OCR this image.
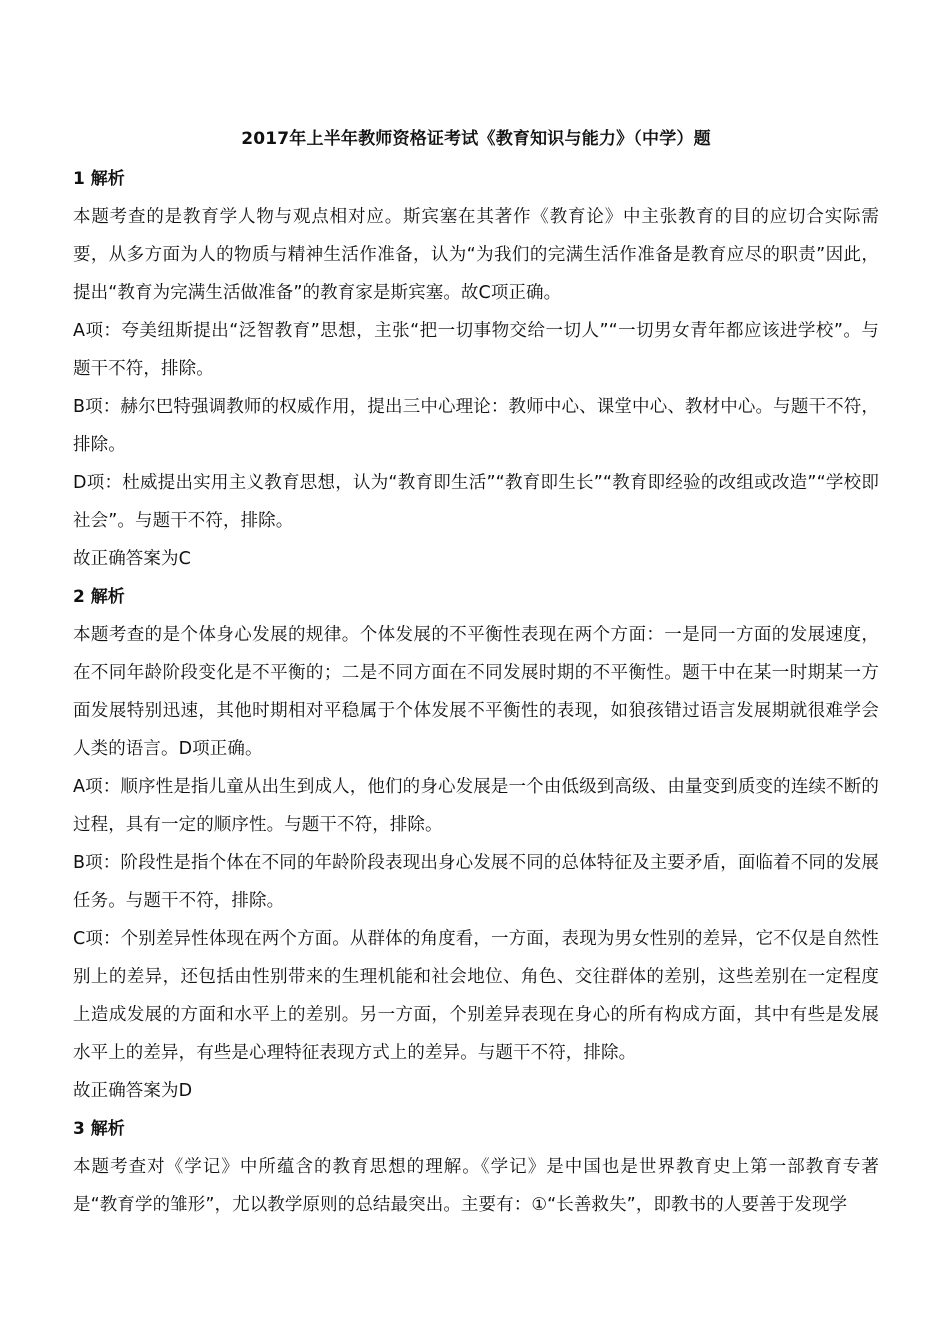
2017年上半年教师资格证考试《教育知识与能力》（中学）题
1 解析

本题考查的是教育学人物与观点相对应。斯宾塞在其著作《教育论》中主张教育的目的应切合实际需要，从多方面为人的物质与精神生活作准备，认为“为我们的完满生活作准备是教育应尽的职责”因此，提出“教育为完满生活做准备”的教育家是斯宾塞。故C项正确。

A项：夸美纽斯提出“泛智教育”思想，主张“把一切事物交给一切人”“一切男女青年都应该进学校”。与题干不符，排除。

B项：赫尔巴特强调教师的权威作用，提出三中心理论：教师中心、课堂中心、教材中心。与题干不符，排除。

D项：杜威提出实用主义教育思想，认为“教育即生活”“教育即生长”“教育即经验的改组或改造”“学校即社会”。与题干不符，排除。

故正确答案为C

2 解析

本题考查的是个体身心发展的规律。个体发展的不平衡性表现在两个方面：一是同一方面的发展速度，在不同年龄阶段变化是不平衡的；二是不同方面在不同发展时期的不平衡性。题干中在某一时期某一方面发展特别迅速，其他时期相对平稳属于个体发展不平衡性的表现，如狼孩错过语言发展期就很难学会人类的语言。D项正确。

A项：顺序性是指儿童从出生到成人，他们的身心发展是一个由低级到高级、由量变到质变的连续不断的过程，具有一定的顺序性。与题干不符，排除。

B项：阶段性是指个体在不同的年龄阶段表现出身心发展不同的总体特征及主要矛盾，面临着不同的发展任务。与题干不符，排除。

C项：个别差异性体现在两个方面。从群体的角度看，一方面，表现为男女性别的差异，它不仅是自然性别上的差异，还包括由性别带来的生理机能和社会地位、角色、交往群体的差别，这些差别在一定程度上造成发展的方面和水平上的差别。另一方面，个别差异表现在身心的所有构成方面，其中有些是发展水平上的差异，有些是心理特征表现方式上的差异。与题干不符，排除。

故正确答案为D

3 解析

本题考查对《学记》中所蕴含的教育思想的理解。《学记》是中国也是世界教育史上第一部教育专著是“教育学的雏形”，尤以教学原则的总结最突出。主要有：①“长善救失”，即教书的人要善于发现学
